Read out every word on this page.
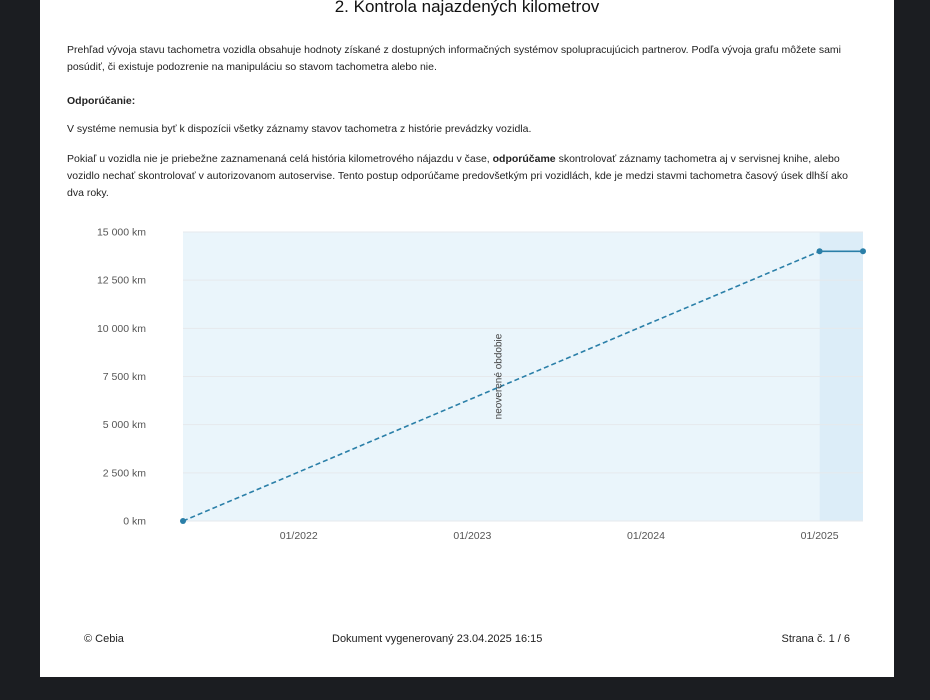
2. Kontrola najazdených kilometrov
Prehľad vývoja stavu tachometra vozidla obsahuje hodnoty získané z dostupných informačných systémov spolupracujúcich partnerov. Podľa vývoja grafu môžete sami posúdiť, či existuje podozrenie na manipuláciu so stavom tachometra alebo nie.
Odporúčanie:
V systéme nemusia byť k dispozícii všetky záznamy stavov tachometra z histórie prevádzky vozidla.
Pokiaľ u vozidla nie je priebežne zaznamenaná celá história kilometrového nájazdu v čase, odporúčame skontrolovať záznamy tachometra aj v servisnej knihe, alebo vozidlo nechať skontrolovať v autorizovanom autoservise. Tento postup odporúčame predovšetkým pri vozidlách, kde je medzi stavmi tachometra časový úsek dlhší ako dva roky.
0 km
2 500 km
5 000 km
7 500 km
10 000 km
12 500 km
15 000 km
01/2022	01/2023	01/2024	01/2025
neoverené obdobie
© Cebia	Dokument vygenerovaný 23.04.2025 16:15	Strana č. 1 / 6
